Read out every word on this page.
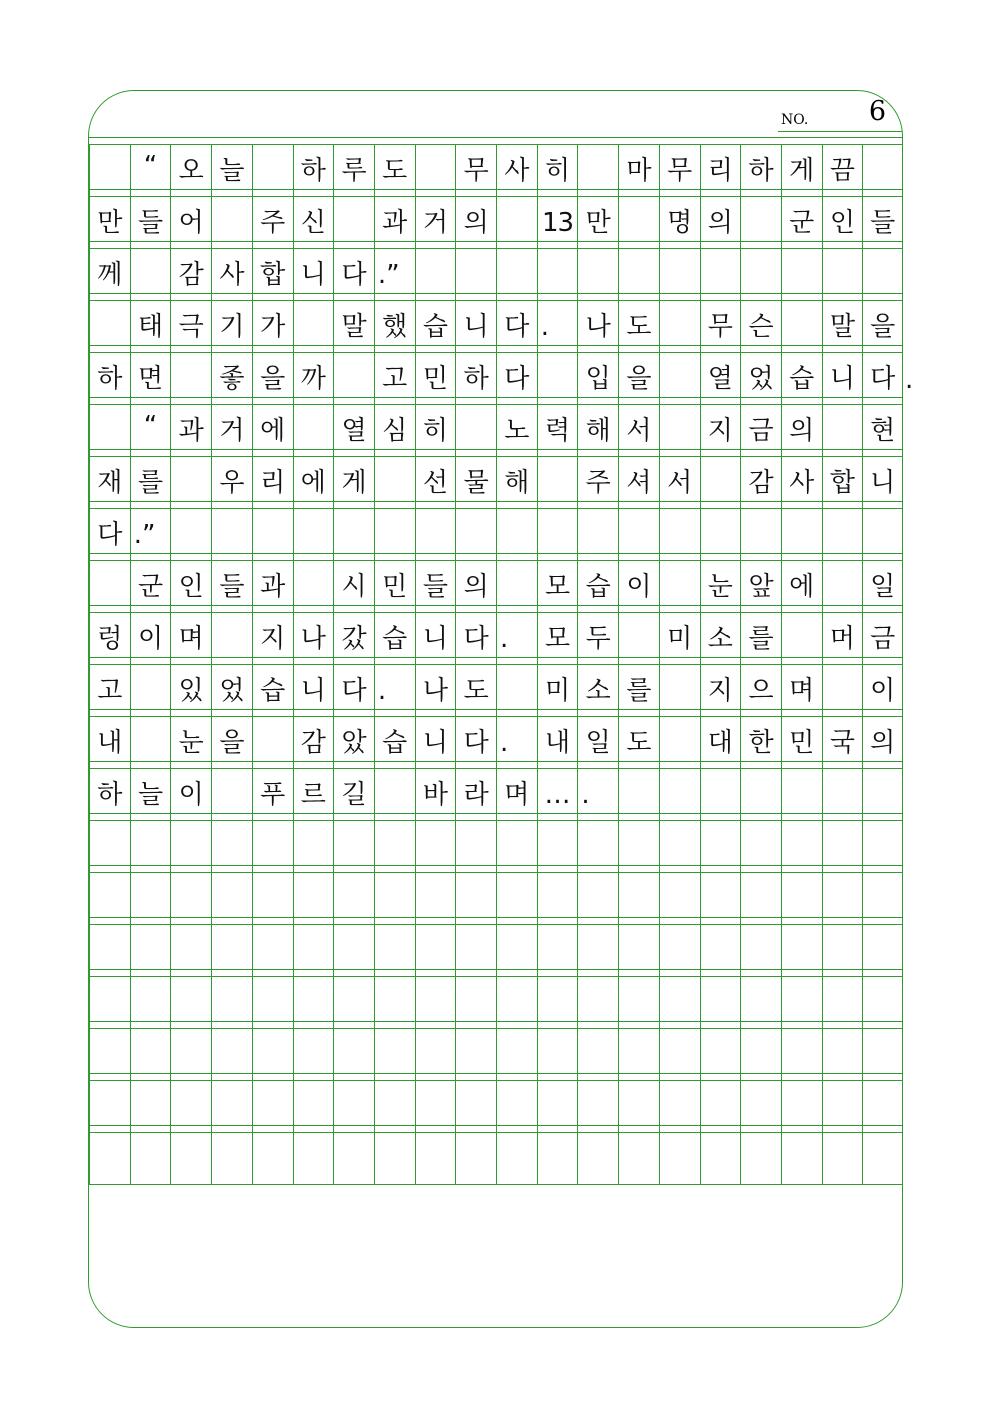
NO. 6
“ 오 늘	하 루 도	무 사 히	마 무 리 하 게 끔
만 들 어	주 신	과 거 의 13 만	명 의	군 인 들
께	감 사 합 니 다 .”
태 극 기 가	말 했 습 니 다 .	나 도	무 슨	말 을
하 면	좋 을 까	고 민 하 다	입 을	열 었 습 니 다 .
“ 과 거 에	열 심 히	노 력 해 서	지 금 의 현
재 를	우 리 에 게	선 물 해	주 셔 서	감 사 합 니
다 .”
군 인 들 과	시 민 들 의	모 습 이	눈 앞 에 일
렁 이 며	지 나 갔 습 니 다 .	모 두	미 소 를	머 금
고	있 었 습 니 다 .	나 도	미 소 를	지 으 며 이
내	눈 을	감 았 습 니 다 .	내 일 도	대 한 민 국 의
하 늘 이	푸 르 길	바 라 며 … .
